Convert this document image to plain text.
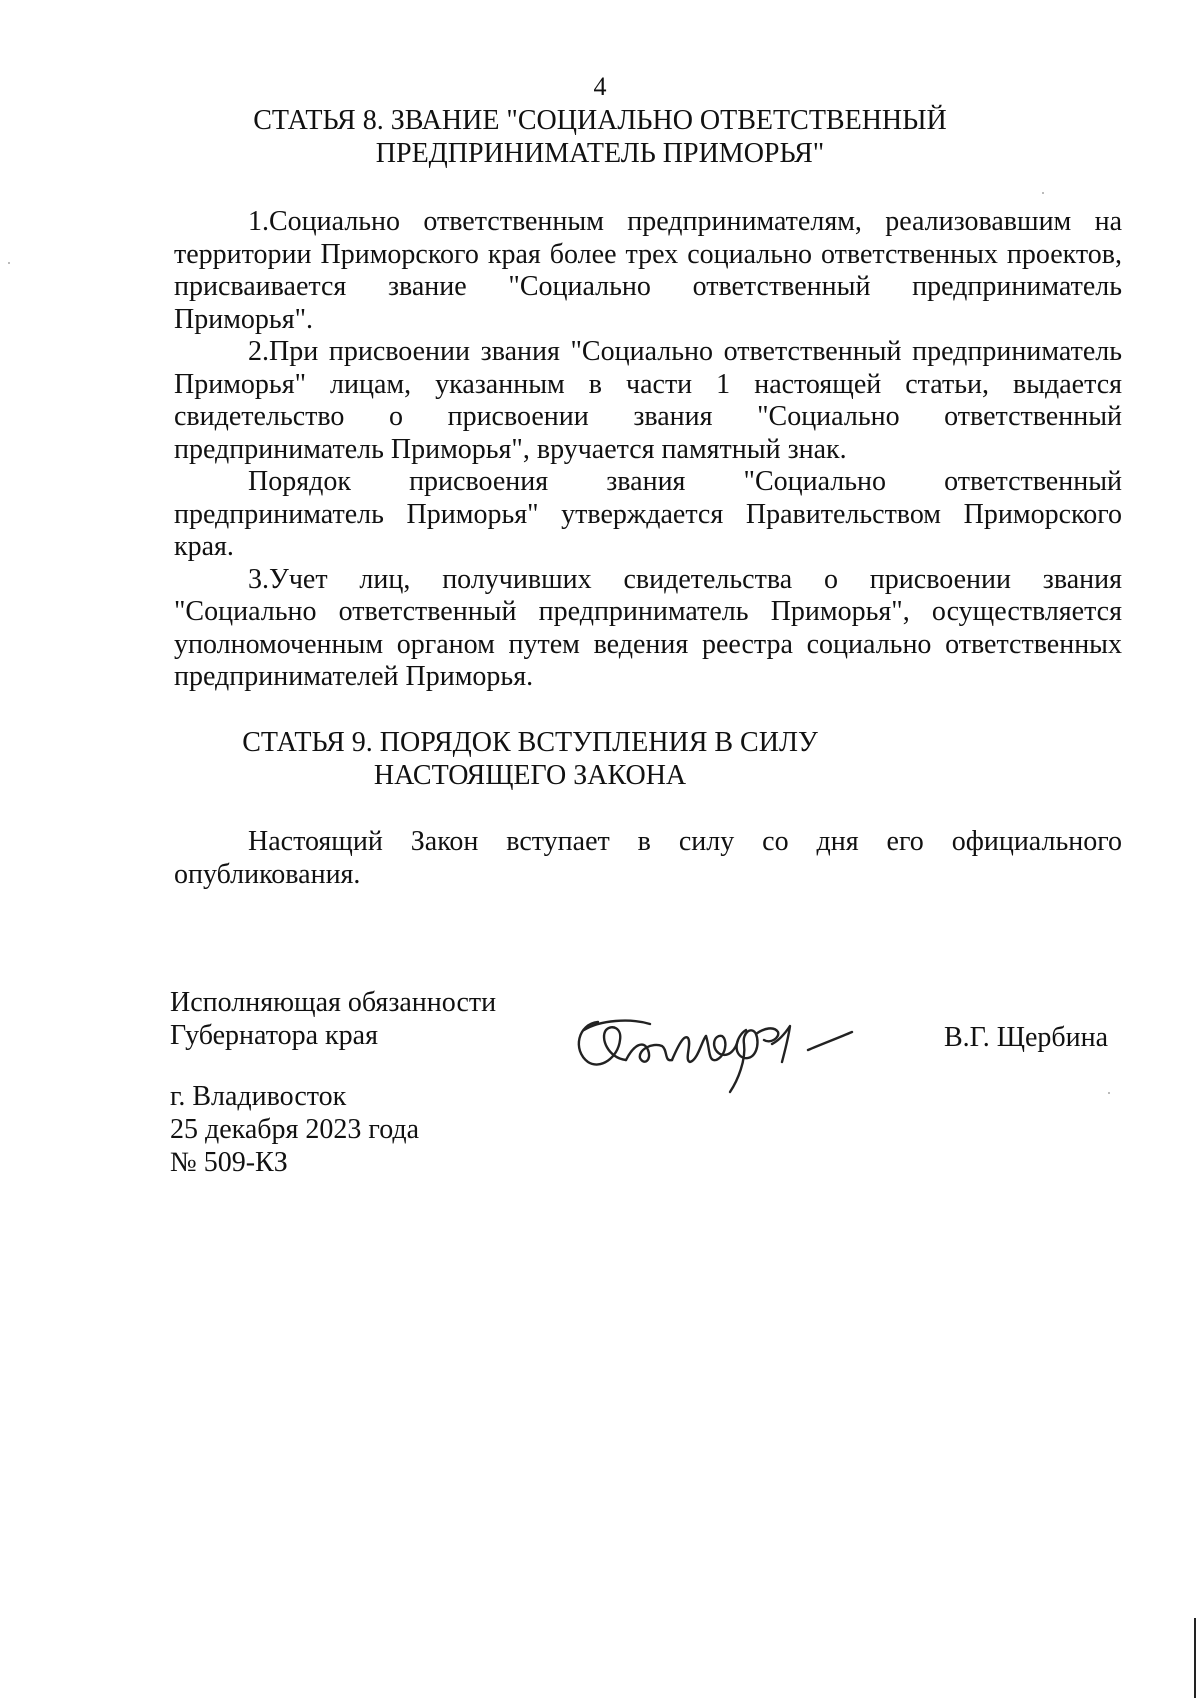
4
СТАТЬЯ 8. ЗВАНИЕ "СОЦИАЛЬНО ОТВЕТСТВЕННЫЙ
ПРЕДПРИНИМАТЕЛЬ ПРИМОРЬЯ"

1.Социально ответственным предпринимателям, реализовавшим на территории Приморского края более трех социально ответственных проектов, присваивается звание "Социально ответственный предприниматель Приморья".

2.При присвоении звания "Социально ответственный предприниматель Приморья" лицам, указанным в части 1 настоящей статьи, выдается свидетельство о присвоении звания "Социально ответственный предприниматель Приморья", вручается памятный знак.

Порядок присвоения звания "Социально ответственный предприниматель Приморья" утверждается Правительством Приморского края.

3.Учет лиц, получивших свидетельства о присвоении звания "Социально ответственный предприниматель Приморья", осуществляется уполномоченным органом путем ведения реестра социально ответственных предпринимателей Приморья.

СТАТЬЯ 9. ПОРЯДОК ВСТУПЛЕНИЯ В СИЛУ
НАСТОЯЩЕГО ЗАКОНА

Настоящий Закон вступает в силу со дня его официального опубликования.

Исполняющая обязанности
Губернатора края	В.Г. Щербина
г. Владивосток
25 декабря 2023 года
№ 509-КЗ
